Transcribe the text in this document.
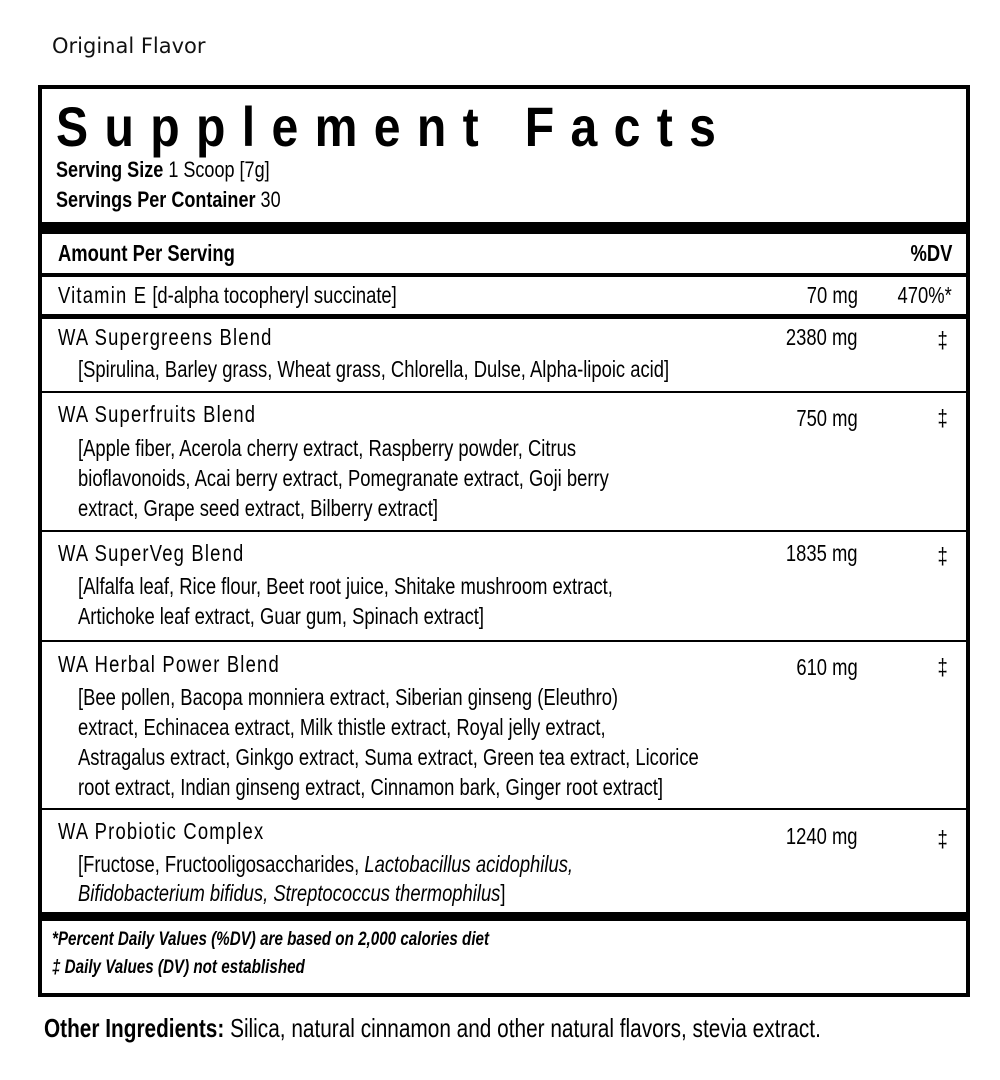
Original Flavor
Supplement Facts
Serving Size 1 Scoop [7g]
Servings Per Container 30
Amount Per Serving	%DV
Vitamin E [d-alpha tocopheryl succinate]	70 mg 470%*
WA Supergreens Blend	2380 mg	‡
[Spirulina, Barley grass, Wheat grass, Chlorella, Dulse, Alpha-lipoic acid]
WA Superfruits Blend	750 mg	‡
[Apple fiber, Acerola cherry extract, Raspberry powder, Citrus
bioflavonoids, Acai berry extract, Pomegranate extract, Goji berry
extract, Grape seed extract, Bilberry extract]
WA SuperVeg Blend	1835 mg	‡
[Alfalfa leaf, Rice flour, Beet root juice, Shitake mushroom extract,
Artichoke leaf extract, Guar gum, Spinach extract]
WA Herbal Power Blend	610 mg	‡
[Bee pollen, Bacopa monniera extract, Siberian ginseng (Eleuthro)
extract, Echinacea extract, Milk thistle extract, Royal jelly extract,
Astragalus extract, Ginkgo extract, Suma extract, Green tea extract, Licorice
root extract, Indian ginseng extract, Cinnamon bark, Ginger root extract]
WA Probiotic Complex	1240 mg	‡
[Fructose, Fructooligosaccharides, Lactobacillus acidophilus,
Bifidobacterium bifidus, Streptococcus thermophilus]
*Percent Daily Values (%DV) are based on 2,000 calories diet
‡ Daily Values (DV) not established
Other Ingredients: Silica, natural cinnamon and other natural flavors, stevia extract.
